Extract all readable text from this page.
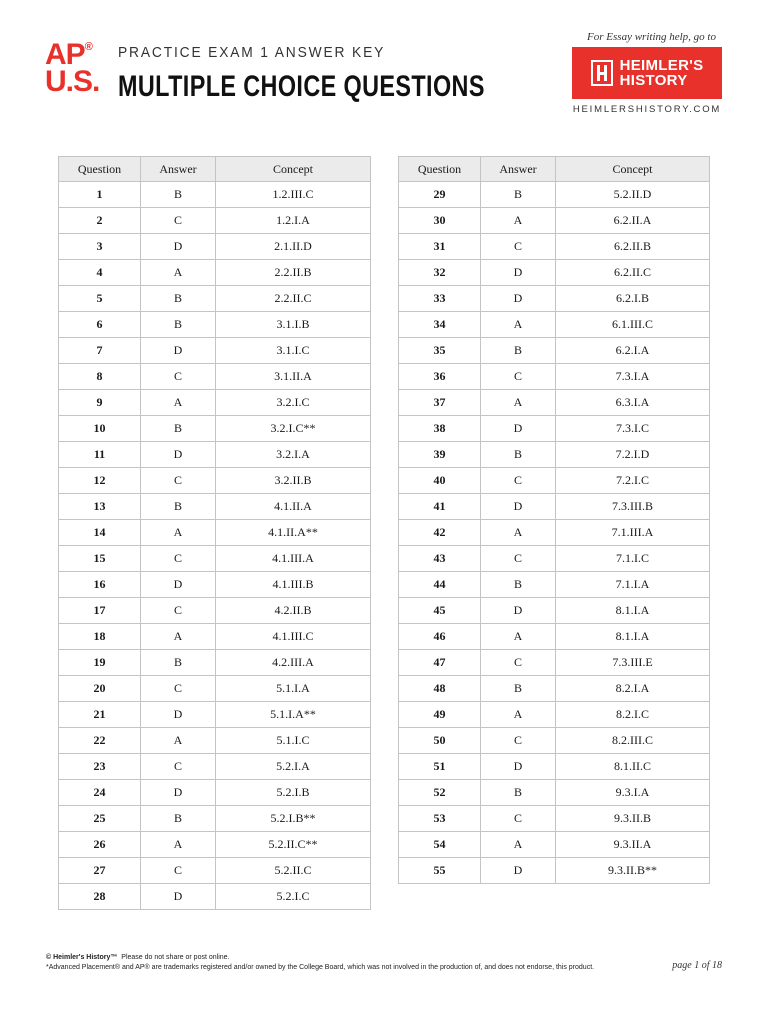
AP®
U.S.
PRACTICE EXAM 1 ANSWER KEY
MULTIPLE CHOICE QUESTIONS
For Essay writing help, go to
HEIMLER'S
HISTORY
HEIMLERSHISTORY.COM
Question	Answer	Concept
1	B	1.2.III.C
2	C	1.2.I.A
3	D	2.1.II.D
4	A	2.2.II.B
5	B	2.2.II.C
6	B	3.1.I.B
7	D	3.1.I.C
8	C	3.1.II.A
9	A	3.2.I.C
10	B	3.2.I.C**
11	D	3.2.I.A
12	C	3.2.II.B
13	B	4.1.II.A
14	A	4.1.II.A**
15	C	4.1.III.A
16	D	4.1.III.B
17	C	4.2.II.B
18	A	4.1.III.C
19	B	4.2.III.A
20	C	5.1.I.A
21	D	5.1.I.A**
22	A	5.1.I.C
23	C	5.2.I.A
24	D	5.2.I.B
25	B	5.2.I.B**
26	A	5.2.II.C**
27	C	5.2.II.C
28	D	5.2.I.C
Question	Answer	Concept
29	B	5.2.II.D
30	A	6.2.II.A
31	C	6.2.II.B
32	D	6.2.II.C
33	D	6.2.I.B
34	A	6.1.III.C
35	B	6.2.I.A
36	C	7.3.I.A
37	A	6.3.I.A
38	D	7.3.I.C
39	B	7.2.I.D
40	C	7.2.I.C
41	D	7.3.III.B
42	A	7.1.III.A
43	C	7.1.I.C
44	B	7.1.I.A
45	D	8.1.I.A
46	A	8.1.I.A
47	C	7.3.III.E
48	B	8.2.I.A
49	A	8.2.I.C
50	C	8.2.III.C
51	D	8.1.II.C
52	B	9.3.I.A
53	C	9.3.II.B
54	A	9.3.II.A
55	D	9.3.II.B**
© Heimler's History™ Please do not share or post online.
*Advanced Placement® and AP® are trademarks registered and/or owned by the College Board, which was not involved in the production of, and does not endorse, this product.	page 1 of 18
